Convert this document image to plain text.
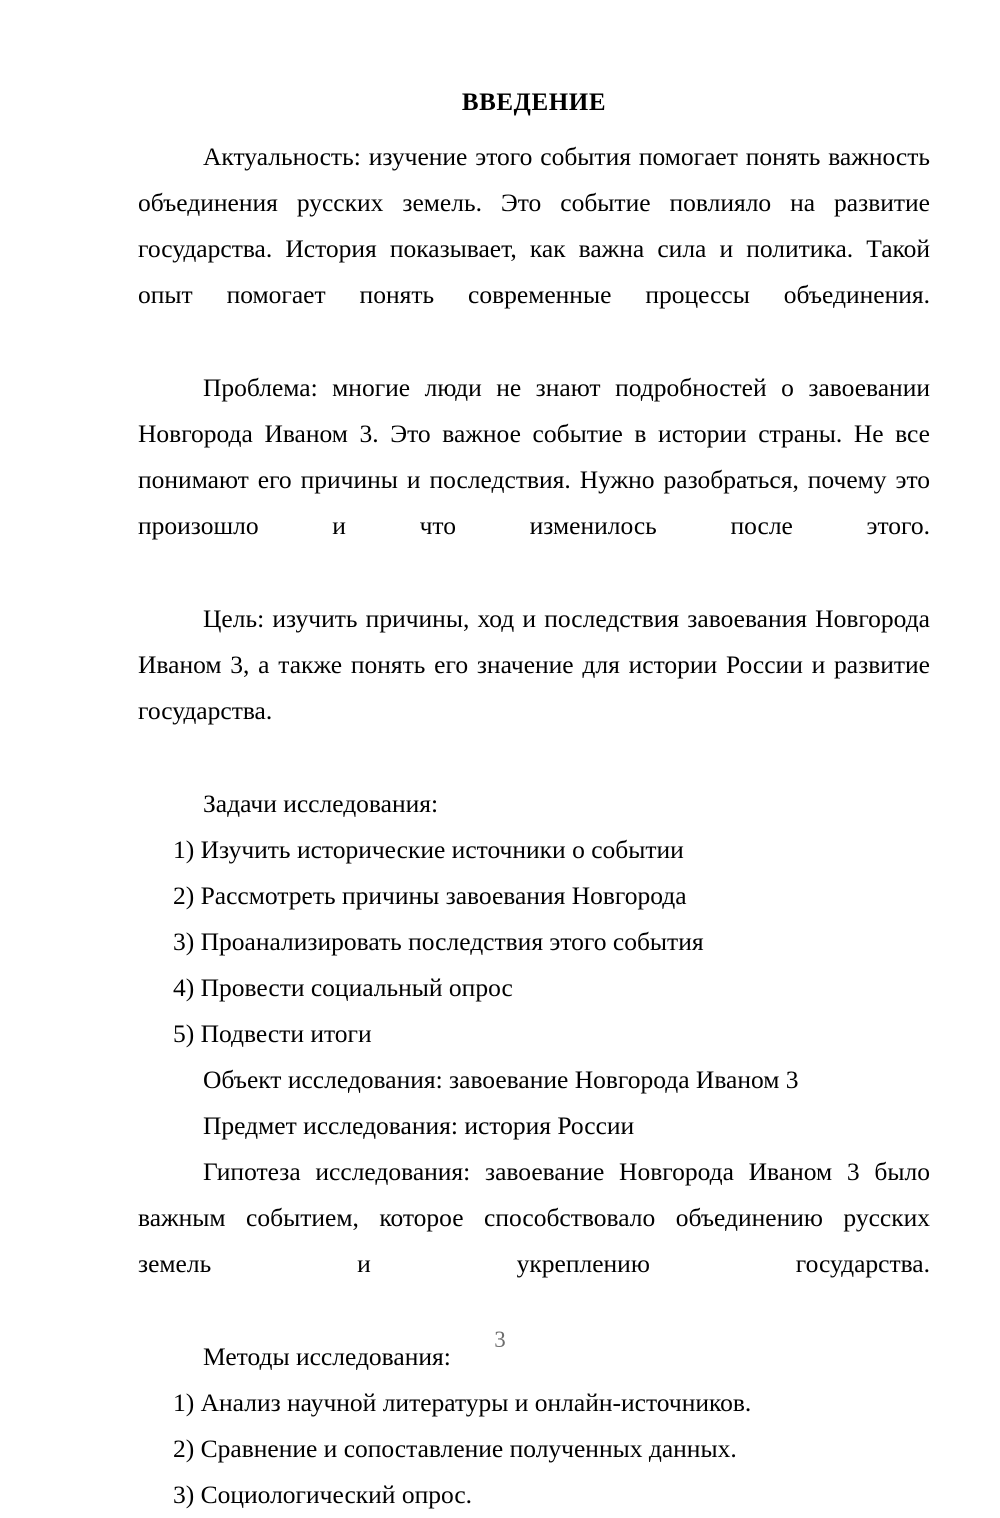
ВВЕДЕНИЕ

Актуальность: изучение этого события помогает понять важность объединения русских земель. Это событие повлияло на развитие государства. История показывает, как важна сила и политика. Такой опыт помогает понять современные процессы объединения.

Проблема: многие люди не знают подробностей о завоевании Новгорода Иваном 3. Это важное событие в истории страны. Не все понимают его причины и последствия. Нужно разобраться, почему это произошло и что изменилось после этого.

Цель: изучить причины, ход и последствия завоевания Новгорода Иваном 3, а также понять его значение для истории России и развитие государства.

Задачи исследования:

1) Изучить исторические источники о событии
2) Рассмотреть причины завоевания Новгорода
3) Проанализировать последствия этого события
4) Провести социальный опрос
5) Подвести итоги

Объект исследования: завоевание Новгорода Иваном 3

Предмет исследования: история России

Гипотеза исследования: завоевание Новгорода Иваном 3 было важным событием, которое способствовало объединению русских земель и укреплению государства.

Методы исследования:

1) Анализ научной литературы и онлайн-источников.
2) Сравнение и сопоставление полученных данных.
3) Социологический опрос.
3
